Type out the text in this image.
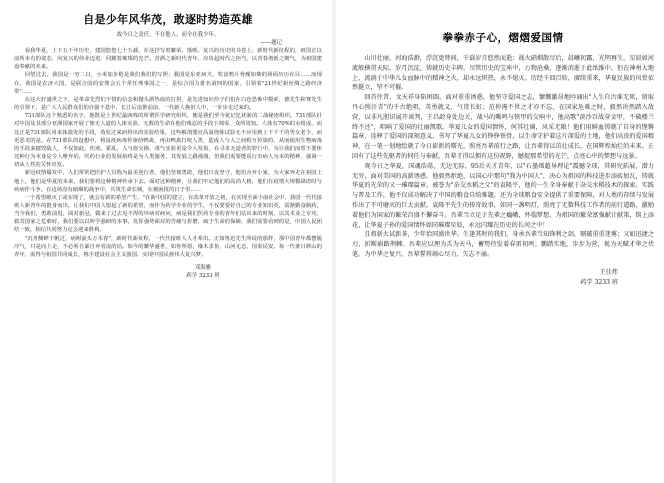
自是少年风华茂，敢逐时势造英雄
故今日之责任，不在他人，而全在我少年。
——题记

看我华夏，上下五千年历史，建国悠悠七十五载，在这抒写着繁荣、落败、复兴的历史的书卷上，新时代新征程的，祖国正以前所未有的姿态，向复兴的伟业迈进，同耀着璀璨的光芒。昔酒之新时代青年，应负起时代之担当，以青春谱新之朝气，为祖国建设奉献的未来。

回望过去，我国是一穷二白，小米加步枪是我们我们的写照；我国是东亚病夫，吹食鸦片骨瘦如柴的场面历历在目……而现在，我国是农济大国，是联合国的安理会五个常任理事国之一，是综合国力排名第四的国家，引领着"21世纪新丝绸之路经济带"……

在这大好盛世之下，是革命先烈们不惜的信念和抛头洒热血的打拼，是先进知识份子们们在白色恐怖中摸索，德先生和赛先生的引领下，是广大人民群众们的自强不息中，长江后浪推前浪，一代新人换旧人中，一步步走过来的。

731部队这个熟悉的名字，他既是上世纪最凶残的所谓医学研究组织，便是我们至今犹记忆犹新的二战秘密组织。731部队针对中国及其部分亚洲国家开展了惨无人道的人体实验，无数的生命在他们残忍的手段下凋零，众所周知。人体有70%的水组成，而这正是731部队用来体演发的手段，蒸发过来而得出的实验结果，这些解剖器官高温烧炼试验无不应用到上下千千的男女老少，而更恶劣的是，在731部队的设想中，将鼠疫病毒传染给鸭禽，再由鸭禽打咬人类，造成人与人之间相互传染的，从而使用生物病毒的手段来摧毁敌人，不仅如此，伤寒、霍乱，人与血交换、毒气实验更是令人发指，在寻求无道者的罪行中，为让我们而誓不要休这种行为本身是令人唾弃的，医药行业的发展始终是为人类服务，其发展之路漫漫，但我们需要能说行出病人为本的精神，强调一切从人性的关怀出发。

新冠疫情爆发中，人们常常把医护人员称为最美逆行者，他们坚韧勇敢，他们日夜坚守，他们舍弃小家，为大家奔走在祖国土地上，他们是华夏的未来，我们要将这种精神传承下去。面对这种精神，让我们牢记他们的高尚人格，他们在疫情大规模肆虐时与疾病作斗争，在这场没有硝烟的战争中，共筑生命长城，在被困扰的日子里……

一个希望破灭了或实现了，就会有新的希望产生，"在新中国的建立，在改革开放之初，在实现全面小康社会中，我国一代代接班人新青年的挺身而出，让我们中国人愿起了新的希望，而作为药学专业的学生，不仅要要好自己的专业知识更，需渐勤奋制药，当今我们，勇敢前进，面对新冠，做来了过去见不得的坏病对病问，病是我们医药专业的青年们站出来的时刻，以其术业之专攻，救其国家之危难时，我们要以以所学强研的本事，发挥强势面对的苦痛与折磨，疏于生命的保障，我们需要看到的是，中国人民团结一致，相信共同努力定会迎来胜利。

"沉舟侧畔千帆过，病树前头万木春"，新时代新征程，一代代接班人人才辈出。正如鲁迅先生所说的那样，那中国青年都摆脱冷气，只是向上走，不必听自暴自弃者流的话。如今的繁华盛世，如你所愿，缘木求鱼，山河无恙，国泰民安。每一代谁日移山的青年，需得与祖国共同成长，携手建设社会主义强国，实现中国民族伟大复兴梦。

邓海雅
药学 3233 班
拳拳赤子心，熠熠爱国情

山川壮丽，河海浩渺，浮沉更替间，千载岁月悠然而逝；战火硝烟散尽后，晨曦初露，光明再生。星辰如河流般横贯天际，岁月沉淀，铸就历史丰碑。尽管历史的宝座中，万物沧桑，逐渐消逝于此纸维中，但在神州大地上，流淌于中华儿女血脉中的精神之火，却永远炽热，永不熄灭。历经千回百转，赓续重来，华夏民族的风骨依然挺立，坚不可摧。

回首往昔，文天祥身陷困圄，面对重重诱惑，他坚守爱国之志，慷慨激昂地吟诵出"人生自古谁无死，留取丹心照汗青"的千古绝唱，英勇就义，气贯长虹；范仲淹不世之才亦不忘，在国家危难之时，毅然决然踏入敌营，以非凡胆识展开谈判，王昌龄身处边关，战马的嘶鸣与铁甲的交响中，他高歌"黄沙百战穿金甲，不破楼兰终不还"，唱响了爱国的壮丽凯歌。华夏儿女的爱国情怀，何其壮阔，风采无限！他们用鲜血铸就了自身的铿锵篇章，诠释了爱国的深刻意义，书写了华夏儿女的铮铮铁骨，以生命守护着这片深爱的土地，他们高贵的爱国精神，在一笔一划地绘就了今日崭新的曙光，照亮吾辈前行之路，让吾辈得以茁壮成长，在国辉煌灿烂的未来。正因有了这些先驱者的伺任与奉献，吾辈才得以拥有这份祝野，撼捉那希望的光芒，点亮心中的梦想与远景。

观今日之华夏，国魂浩荡，无边无际。95后天才青年，以"石墨烯超导理论"震撼全球，其研究拓展，潜力无穷，面对美国的高薪诱惑，他毅然拒绝，以国心中那句"我为中国人"，决心为祖国的科技进步添砖加瓦，铸就华夏的光荣的又一璀璨篇章。被誉为"杂交水稻之父"的袁隆平，他的一生全身奉献于杂交水稻技术的探索、实践与普及工作，他不仅成功解决了中国的粮食自给难题，还为全球粮食安全提供了重要保障，对人类的存续与发展作出了不可磨灭的巨大贡献。袁隆平先生的传奇故事，如同一盏明灯，照亮了无数科技工作者的前行道路，激励着他们为国家的繁荣昌盛不懈奋斗。吾辈当立足于先辈之巍峨，怀揣梦想，为祖国的繁荣富强献计献策，铭上添花，让华夏子孙的爱国情怀如同璀璨星辰，永远闪耀在历史的长河之中！

且将新火试新茶，少年恰同盛世华。生逢其时的我们，身承吾辈当知锋利之剑，剔破重重迷雾；又如迅捷之刃，折断崩路荆棘。吾辈应以理为舌为天马，蓄势待发着春雷初鸣；鹏踏实地，步步为营，视为天赋才华之伏笔。为中华之复兴，吾辈誓将竭心尽力，矢志不渝。

王佳炜
药学 3233 班
